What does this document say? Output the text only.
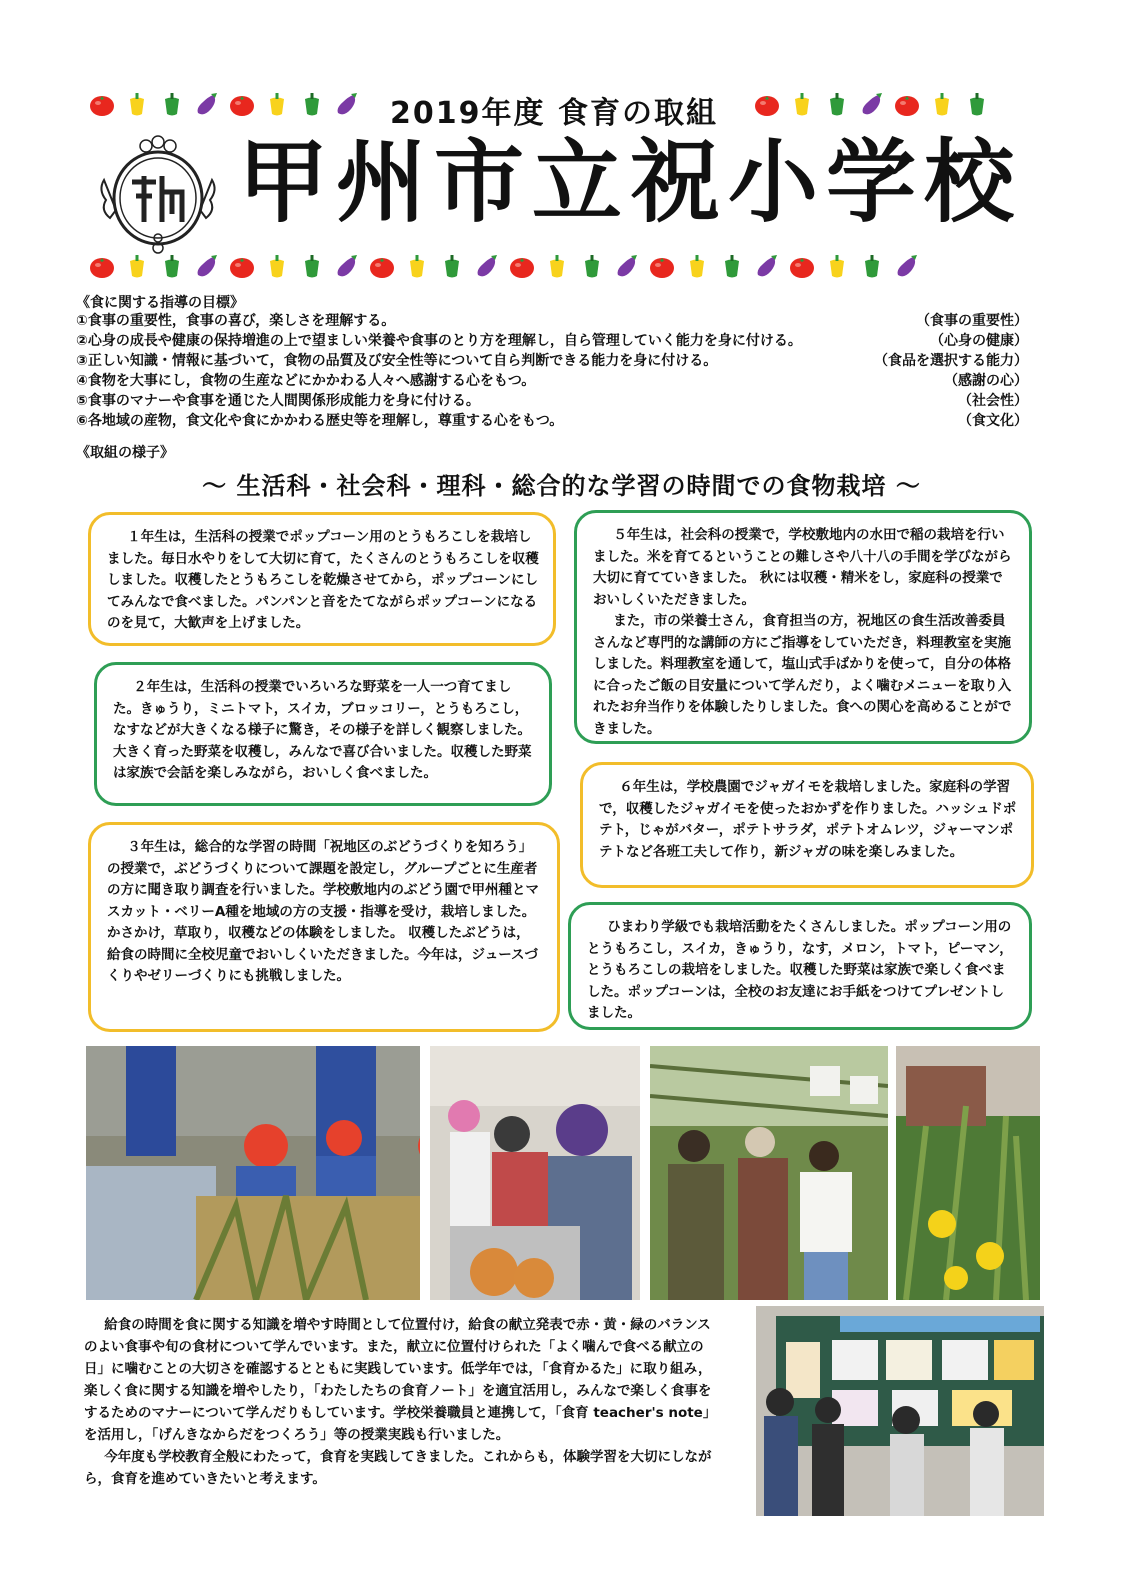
2019年度 食育の取組
甲州市立祝小学校
《食に関する指導の目標》
①食事の重要性，食事の喜び，楽しさを理解する。	（食事の重要性）
②心身の成長や健康の保持増進の上で望ましい栄養や食事のとり方を理解し，自ら管理していく能力を身に付ける。	（心身の健康）
③正しい知識・情報に基づいて，食物の品質及び安全性等について自ら判断できる能力を身に付ける。	（食品を選択する能力）
④食物を大事にし，食物の生産などにかかわる人々へ感謝する心をもつ。	（感謝の心）
⑤食事のマナーや食事を通じた人間関係形成能力を身に付ける。	（社会性）
⑥各地域の産物，食文化や食にかかわる歴史等を理解し，尊重する心をもつ。	（食文化）
《取組の様子》
～ 生活科・社会科・理科・総合的な学習の時間での食物栽培 ～

１年生は，生活科の授業でポップコーン用のとうもろこしを栽培しました。毎日水やりをして大切に育て，たくさんのとうもろこしを収穫しました。収穫したとうもろこしを乾燥させてから，ポップコーンにしてみんなで食べました。パンパンと音をたてながらポップコーンになるのを見て，大歓声を上げました。

２年生は，生活科の授業でいろいろな野菜を一人一つ育てました。きゅうり，ミニトマト，スイカ，ブロッコリー，とうもろこし，なすなどが大きくなる様子に驚き，その様子を詳しく観察しました。大きく育った野菜を収穫し，みんなで喜び合いました。収穫した野菜は家族で会話を楽しみながら，おいしく食べました。

３年生は，総合的な学習の時間「祝地区のぶどうづくりを知ろう」の授業で，ぶどうづくりについて課題を設定し，グループごとに生産者の方に聞き取り調査を行いました。学校敷地内のぶどう園で甲州種とマスカット・ベリーA種を地域の方の支援・指導を受け，栽培しました。かさかけ，草取り，収穫などの体験をしました。 収穫したぶどうは，給食の時間に全校児童でおいしくいただきました。今年は，ジュースづくりやゼリーづくりにも挑戦しました。

５年生は，社会科の授業で，学校敷地内の水田で稲の栽培を行いました。米を育てるということの難しさや八十八の手間を学びながら大切に育てていきました。 秋には収穫・精米をし，家庭科の授業でおいしくいただきました。

また，市の栄養士さん，食育担当の方，祝地区の食生活改善委員さんなど専門的な講師の方にご指導をしていただき，料理教室を実施しました。料理教室を通して，塩山式手ばかりを使って，自分の体格に合ったご飯の目安量について学んだり，よく噛むメニューを取り入れたお弁当作りを体験したりしました。食への関心を高めることができました。

６年生は，学校農園でジャガイモを栽培しました。家庭科の学習で，収穫したジャガイモを使ったおかずを作りました。ハッシュドポテト，じゃがバター，ポテトサラダ，ポテトオムレツ，ジャーマンポテトなど各班工夫して作り，新ジャガの味を楽しみました。

ひまわり学級でも栽培活動をたくさんしました。ポップコーン用のとうもろこし，スイカ，きゅうり，なす，メロン，トマト，ピーマン，とうもろこしの栽培をしました。収穫した野菜は家族で楽しく食べました。ポップコーンは，全校のお友達にお手紙をつけてプレゼントしました。

給食の時間を食に関する知識を増やす時間として位置付け，給食の献立発表で赤・黄・緑のバランスのよい食事や旬の食材について学んでいます。また，献立に位置付けられた「よく噛んで食べる献立の日」に噛むことの大切さを確認するとともに実践しています。低学年では，「食育かるた」に取り組み，楽しく食に関する知識を増やしたり，「わたしたちの食育ノート」を適宜活用し，みんなで楽しく食事をするためのマナーについて学んだりもしています。学校栄養職員と連携して，「食育 teacher's note」を活用し，「げんきなからだをつくろう」等の授業実践も行いました。

今年度も学校教育全般にわたって，食育を実践してきました。これからも，体験学習を大切にしながら，食育を進めていきたいと考えます。
